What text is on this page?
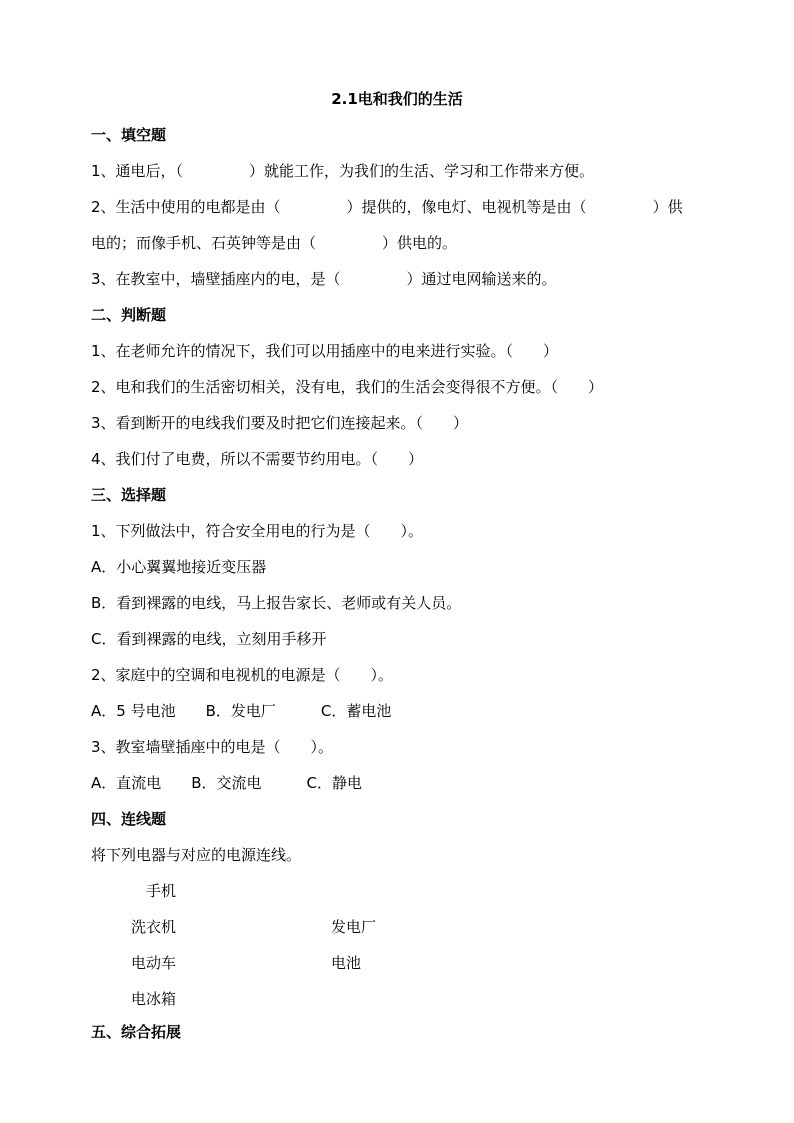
2.1电和我们的生活
一、填空题
1、通电后，（	）就能工作，为我们的生活、学习和工作带来方便。
2、生活中使用的电都是由（	）提供的，像电灯、电视机等是由（	）供
电的；而像手机、石英钟等是由（	）供电的。
3、在教室中，墙壁插座内的电，是（	）通过电网输送来的。
二、判断题
1、在老师允许的情况下，我们可以用插座中的电来进行实验。（　　）
2、电和我们的生活密切相关，没有电，我们的生活会变得很不方便。（　　）
3、看到断开的电线我们要及时把它们连接起来。（　　）
4、我们付了电费，所以不需要节约用电。（　　）
三、选择题
1、下列做法中，符合安全用电的行为是（　　）。
A．小心翼翼地接近变压器
B．看到裸露的电线，马上报告家长、老师或有关人员。
C．看到裸露的电线，立刻用手移开
2、家庭中的空调和电视机的电源是（　　）。
A．5 号电池　　B．发电厂　　　C．蓄电池
3、教室墙壁插座中的电是（　　）。
A．直流电　　B．交流电　　　C．静电
四、连线题
将下列电器与对应的电源连线。
手机
洗衣机
电动车
电冰箱
发电厂
电池
五、综合拓展
